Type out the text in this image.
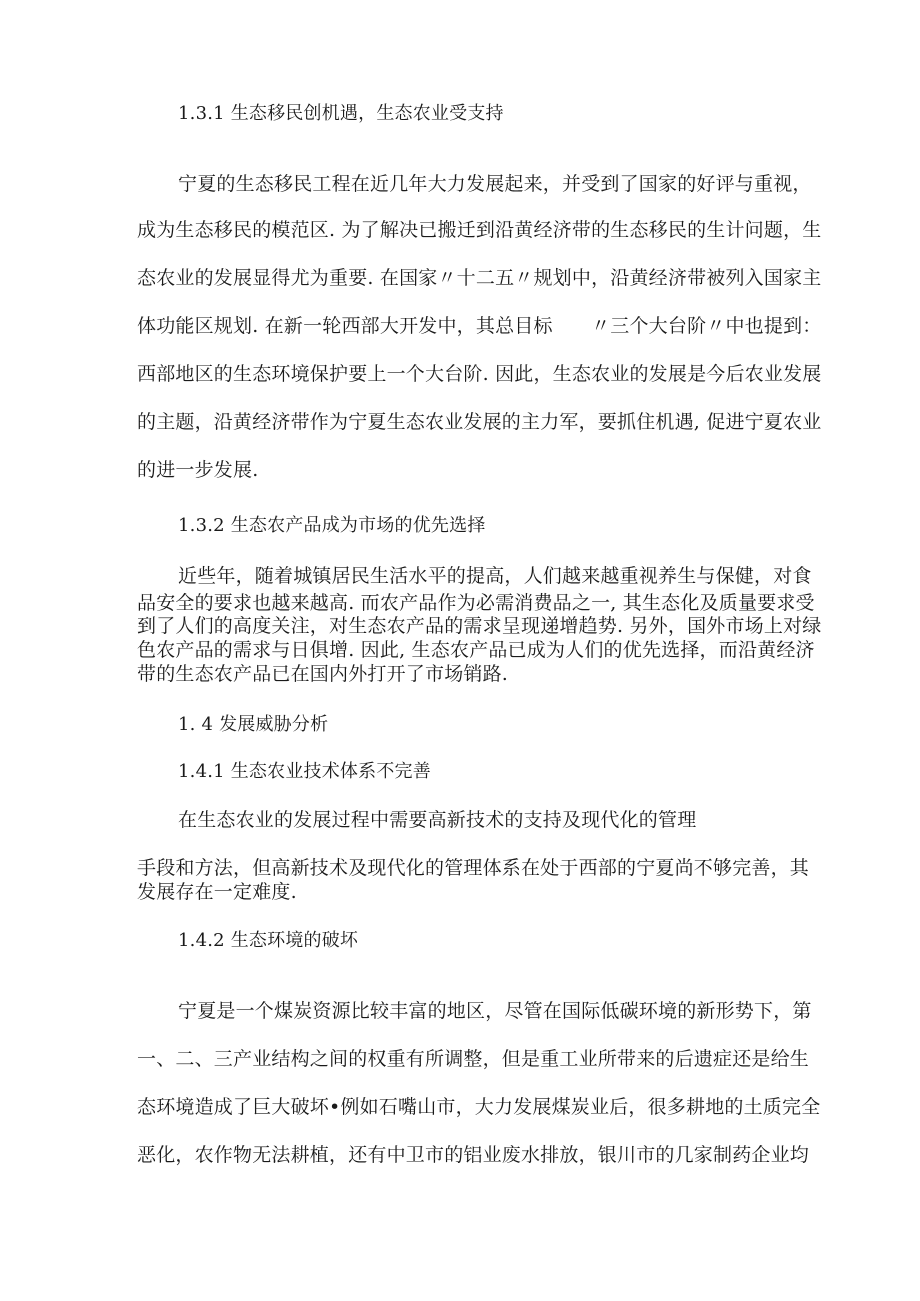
1.3.1 生态移民创机遇，生态农业受支持
宁夏的生态移民工程在近几年大力发展起来，并受到了国家的好评与重视，
成为生态移民的模范区. 为了解决已搬迁到沿黄经济带的生态移民的生计问题，生
态农业的发展显得尤为重要. 在国家〃十二五〃规划中，沿黄经济带被列入国家主
体功能区规划. 在新一轮西部大开发中，其总目标　　〃三个大台阶〃中也提到：
西部地区的生态环境保护要上一个大台阶. 因此，生态农业的发展是今后农业发展
的主题，沿黄经济带作为宁夏生态农业发展的主力军，要抓住机遇, 促进宁夏农业
的进一步发展.
1.3.2 生态农产品成为市场的优先选择
近些年，随着城镇居民生活水平的提高，人们越来越重视养生与保健，对食
品安全的要求也越来越高. 而农产品作为必需消费品之一, 其生态化及质量要求受
到了人们的高度关注，对生态农产品的需求呈现递增趋势. 另外，国外市场上对绿
色农产品的需求与日俱增. 因此, 生态农产品已成为人们的优先选择，而沿黄经济
带的生态农产品已在国内外打开了市场销路.
1. 4 发展威胁分析
1.4.1 生态农业技术体系不完善
在生态农业的发展过程中需要高新技术的支持及现代化的管理
手段和方法，但高新技术及现代化的管理体系在处于西部的宁夏尚不够完善，其
发展存在一定难度.
1.4.2 生态环境的破坏
宁夏是一个煤炭资源比较丰富的地区，尽管在国际低碳环境的新形势下，第
一、二、三产业结构之间的权重有所调整，但是重工业所带来的后遗症还是给生
态环境造成了巨大破坏•例如石嘴山市，大力发展煤炭业后，很多耕地的土质完全
恶化，农作物无法耕植，还有中卫市的铝业废水排放，银川市的几家制药企业均
